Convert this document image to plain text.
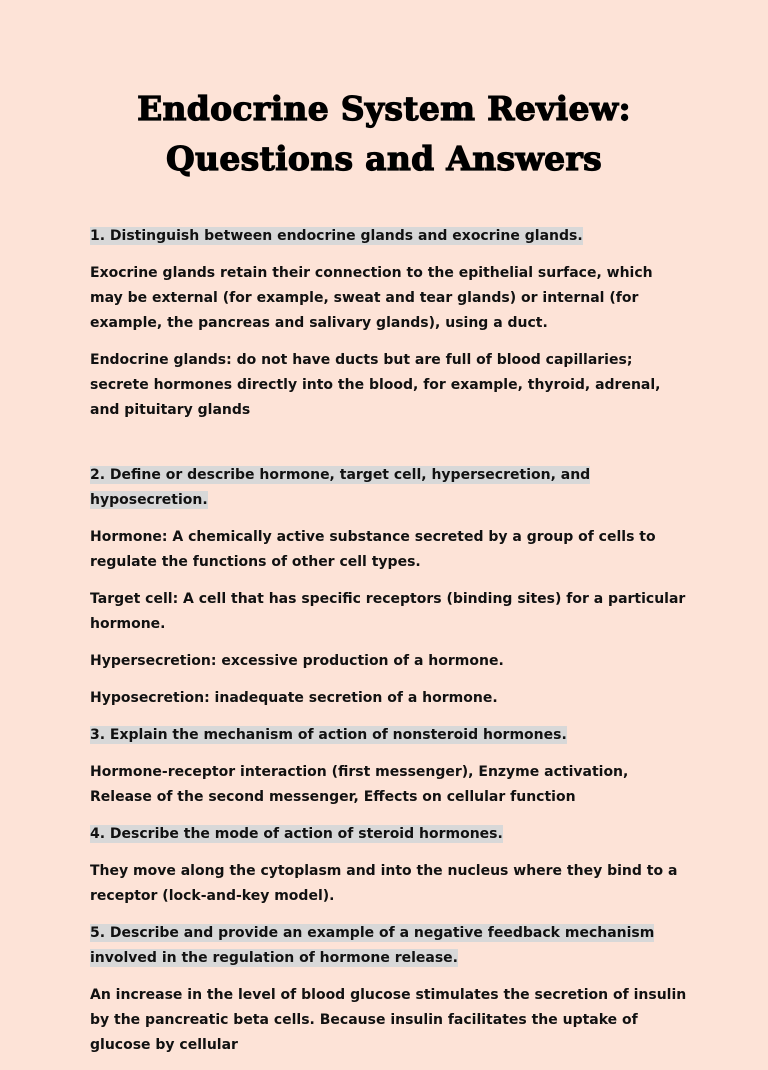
Endocrine System Review:
Questions and Answers

1. Distinguish between endocrine glands and exocrine glands.

Exocrine glands retain their connection to the epithelial surface, which may be external (for example, sweat and tear glands) or internal (for example, the pancreas and salivary glands), using a duct.

Endocrine glands: do not have ducts but are full of blood capillaries; secrete hormones directly into the blood, for example, thyroid, adrenal, and pituitary glands

2. Define or describe hormone, target cell, hypersecretion, and hyposecretion.

Hormone: A chemically active substance secreted by a group of cells to regulate the functions of other cell types.

Target cell: A cell that has specific receptors (binding sites) for a particular hormone.

Hypersecretion: excessive production of a hormone.

Hyposecretion: inadequate secretion of a hormone.

3. Explain the mechanism of action of nonsteroid hormones.

Hormone-receptor interaction (first messenger), Enzyme activation, Release of the second messenger, Effects on cellular function

4. Describe the mode of action of steroid hormones.

They move along the cytoplasm and into the nucleus where they bind to a receptor (lock-and-key model).

5. Describe and provide an example of a negative feedback mechanism involved in the regulation of hormone release.

An increase in the level of blood glucose stimulates the secretion of insulin by the pancreatic beta cells. Because insulin facilitates the uptake of glucose by cellular
